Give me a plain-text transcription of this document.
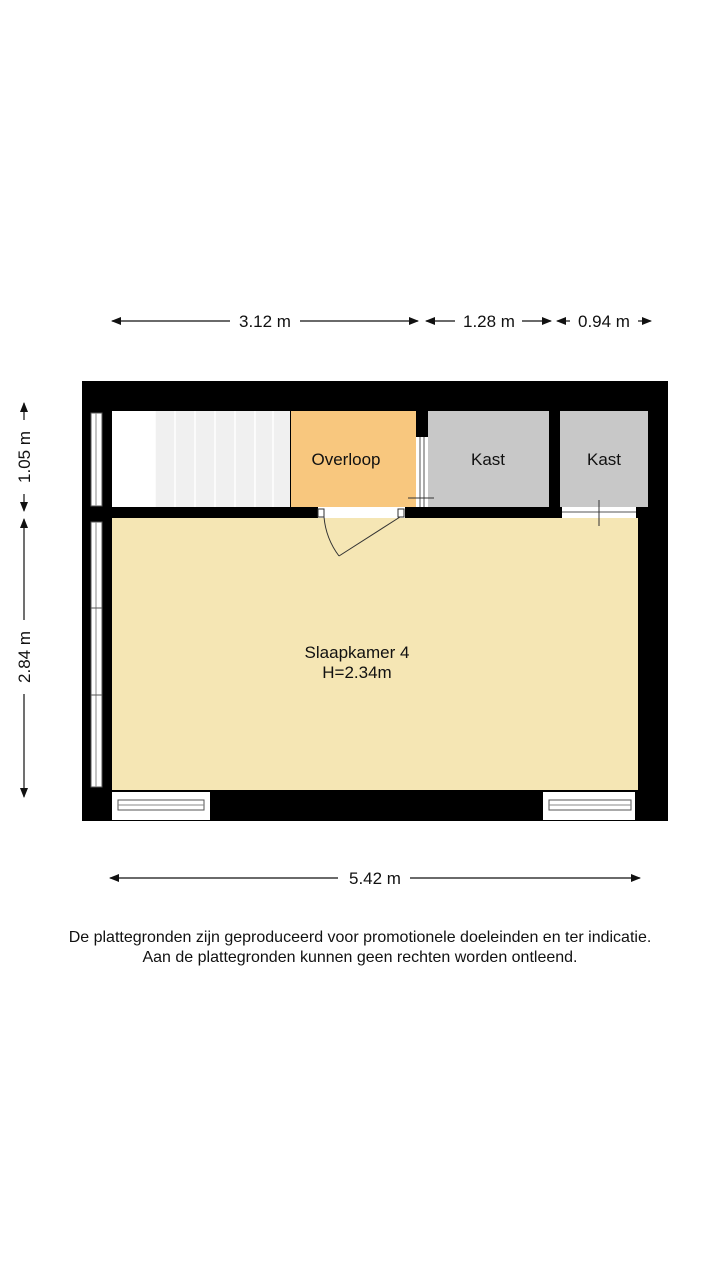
Overloop	Kast	Kast
Slaapkamer 4
H=2.34m
3.12 m	1.28 m	0.94 m
1.05 m
2.84 m
5.42 m
De plattegronden zijn geproduceerd voor promotionele doeleinden en ter indicatie.
Aan de plattegronden kunnen geen rechten worden ontleend.
